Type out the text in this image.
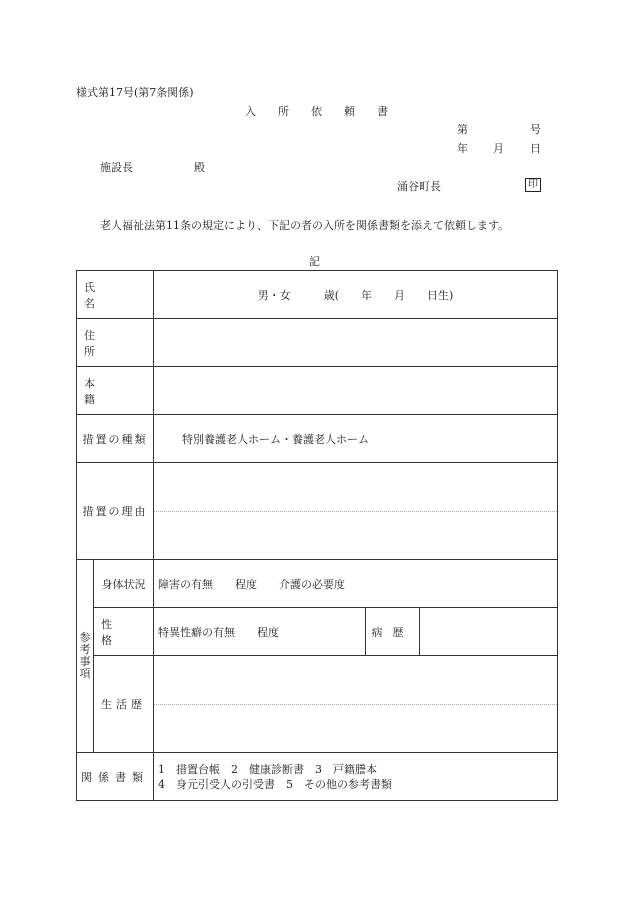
様式第17号(第7条関係)
入所依頼書
第	号
年 月 日
施設長	殿
涌谷町長	印
老人福祉法第11条の規定により、下記の者の入所を関係書類を添えて依頼します。
記
氏名		男・女　　　歳(　　年　　月　　日生)		

住所				

本籍				

措置の種類		特別養護老人ホーム・養護老人ホーム		
措置の理由				

参考事項	身体状況	障害の有無　　程度　　介護の必要度		

	性格	特異性癖の有無　　程度	病歴	
	生活歴			

関係書類		1　措置台帳　2　健康診断書　3　戸籍謄本
4　身元引受人の引受書　5　その他の参考書類		
